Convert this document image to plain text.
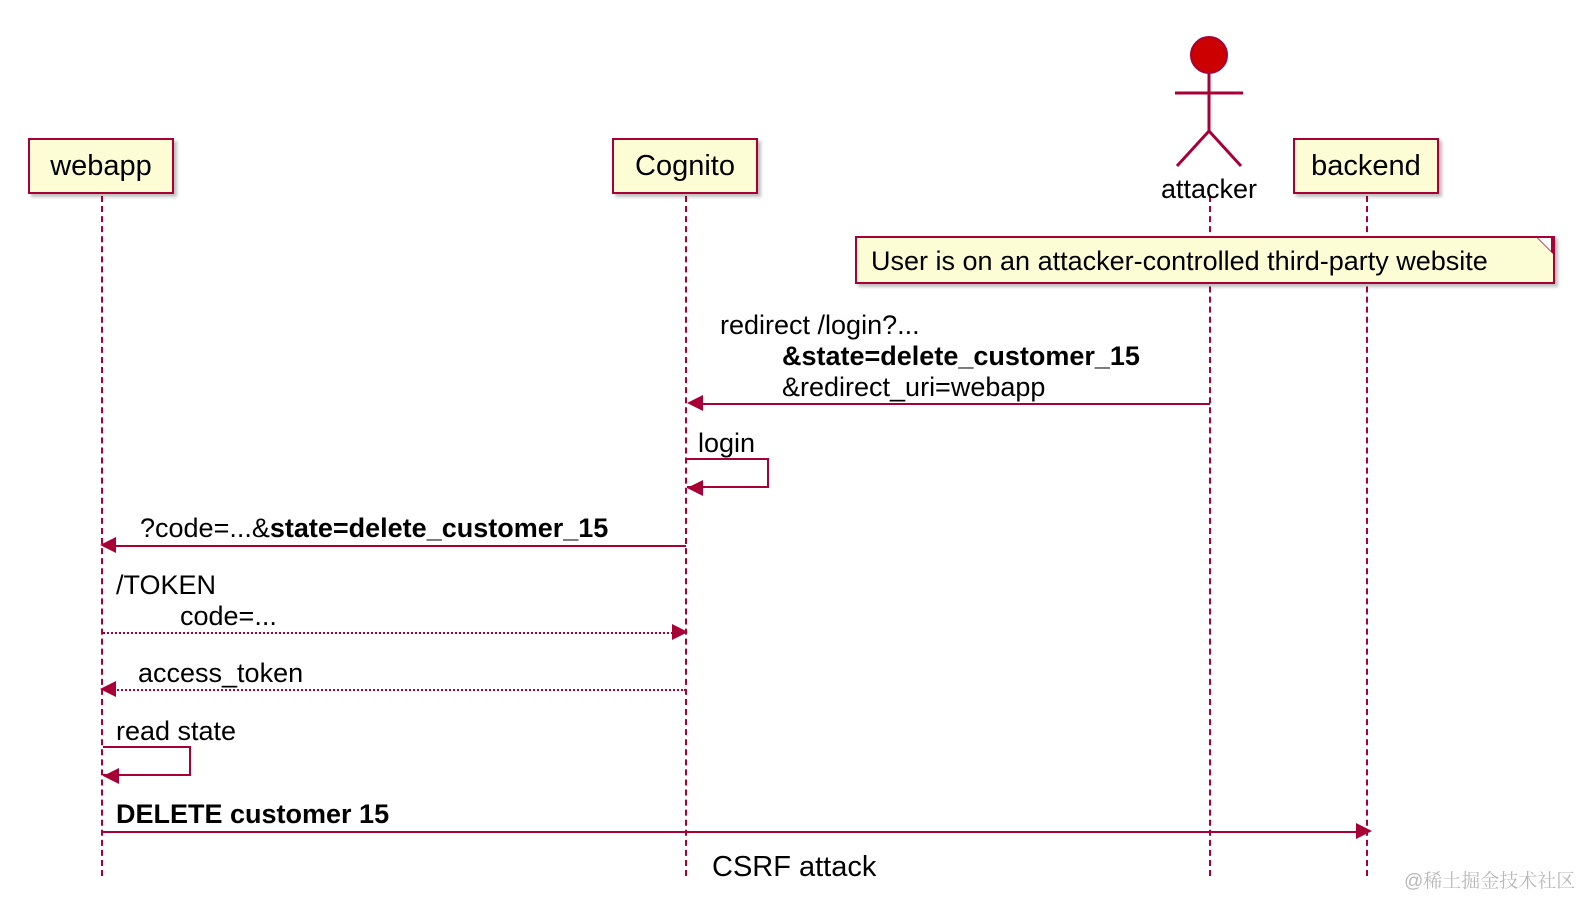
webapp	Cognito	backend
attacker
User is on an attacker-controlled third-party website
redirect /login?...
&state=delete_customer_15
&redirect_uri=webapp
login
?code=...&state=delete_customer_15
/TOKEN
code=...
access_token
read state
DELETE customer 15
CSRF attack	@稀土掘金技术社区
